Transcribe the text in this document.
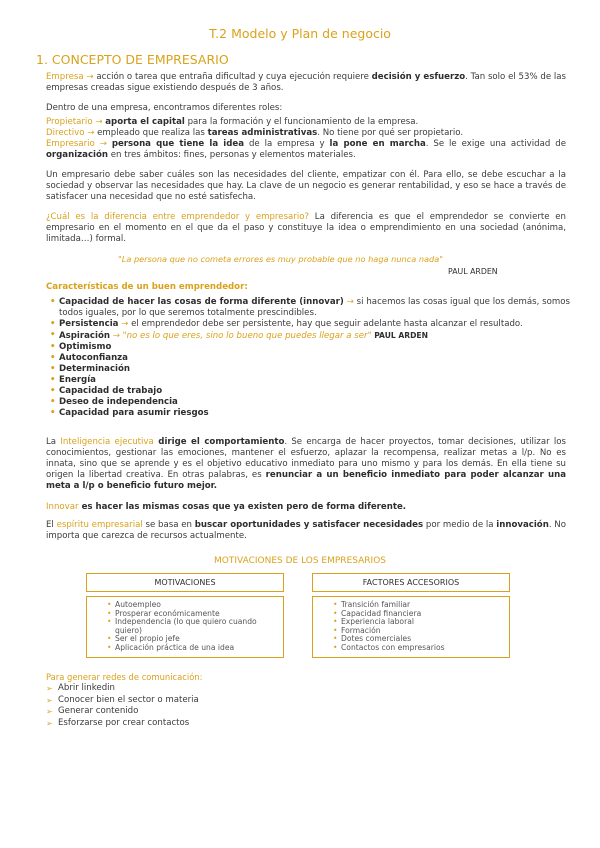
T.2 Modelo y Plan de negocio
1. CONCEPTO DE EMPRESARIO
Empresa → acción o tarea que entraña dificultad y cuya ejecución requiere decisión y esfuerzo. Tan solo el 53% de las empresas creadas sigue existiendo después de 3 años.
Dentro de una empresa, encontramos diferentes roles:
Propietario → aporta el capital para la formación y el funcionamiento de la empresa.
Directivo → empleado que realiza las tareas administrativas. No tiene por qué ser propietario.
Empresario → persona que tiene la idea de la empresa y la pone en marcha. Se le exige una actividad de organización en tres ámbitos: fines, personas y elementos materiales.
Un empresario debe saber cuáles son las necesidades del cliente, empatizar con él. Para ello, se debe escuchar a la sociedad y observar las necesidades que hay. La clave de un negocio es generar rentabilidad, y eso se hace a través de satisfacer una necesidad que no esté satisfecha.
¿Cuál es la diferencia entre emprendedor y empresario? La diferencia es que el emprendedor se convierte en empresario en el momento en el que da el paso y constituye la idea o emprendimiento en una sociedad (anónima, limitada…) formal.
"La persona que no cometa errores es muy probable que no haga nunca nada"
PAUL ARDEN
Características de un buen emprendedor:
• Capacidad de hacer las cosas de forma diferente (innovar) → si hacemos las cosas igual que los demás, somos todos iguales, por lo que seremos totalmente prescindibles.
• Persistencia → el emprendedor debe ser persistente, hay que seguir adelante hasta alcanzar el resultado.
• Aspiración → "no es lo que eres, sino lo bueno que puedes llegar a ser" PAUL ARDEN
• Optimismo
• Autoconfianza
• Determinación
• Energía
• Capacidad de trabajo
• Deseo de independencia
• Capacidad para asumir riesgos
La Inteligencia ejecutiva dirige el comportamiento. Se encarga de hacer proyectos, tomar decisiones, utilizar los conocimientos, gestionar las emociones, mantener el esfuerzo, aplazar la recompensa, realizar metas a l/p. No es innata, sino que se aprende y es el objetivo educativo inmediato para uno mismo y para los demás. En ella tiene su origen la libertad creativa. En otras palabras, es renunciar a un beneficio inmediato para poder alcanzar una meta a l/p o beneficio futuro mejor.
Innovar es hacer las mismas cosas que ya existen pero de forma diferente.
El espíritu empresarial se basa en buscar oportunidades y satisfacer necesidades por medio de la innovación. No importa que carezca de recursos actualmente.
MOTIVACIONES DE LOS EMPRESARIOS
MOTIVACIONES
• Autoempleo
• Prosperar económicamente
• Independencia (lo que quiero cuando quiero)
• Ser el propio jefe
• Aplicación práctica de una idea
FACTORES ACCESORIOS
• Transición familiar
• Capacidad financiera
• Experiencia laboral
• Formación
• Dotes comerciales
• Contactos con empresarios
Para generar redes de comunicación:
➢ Abrir linkedin
➢ Conocer bien el sector o materia
➢ Generar contenido
➢ Esforzarse por crear contactos
